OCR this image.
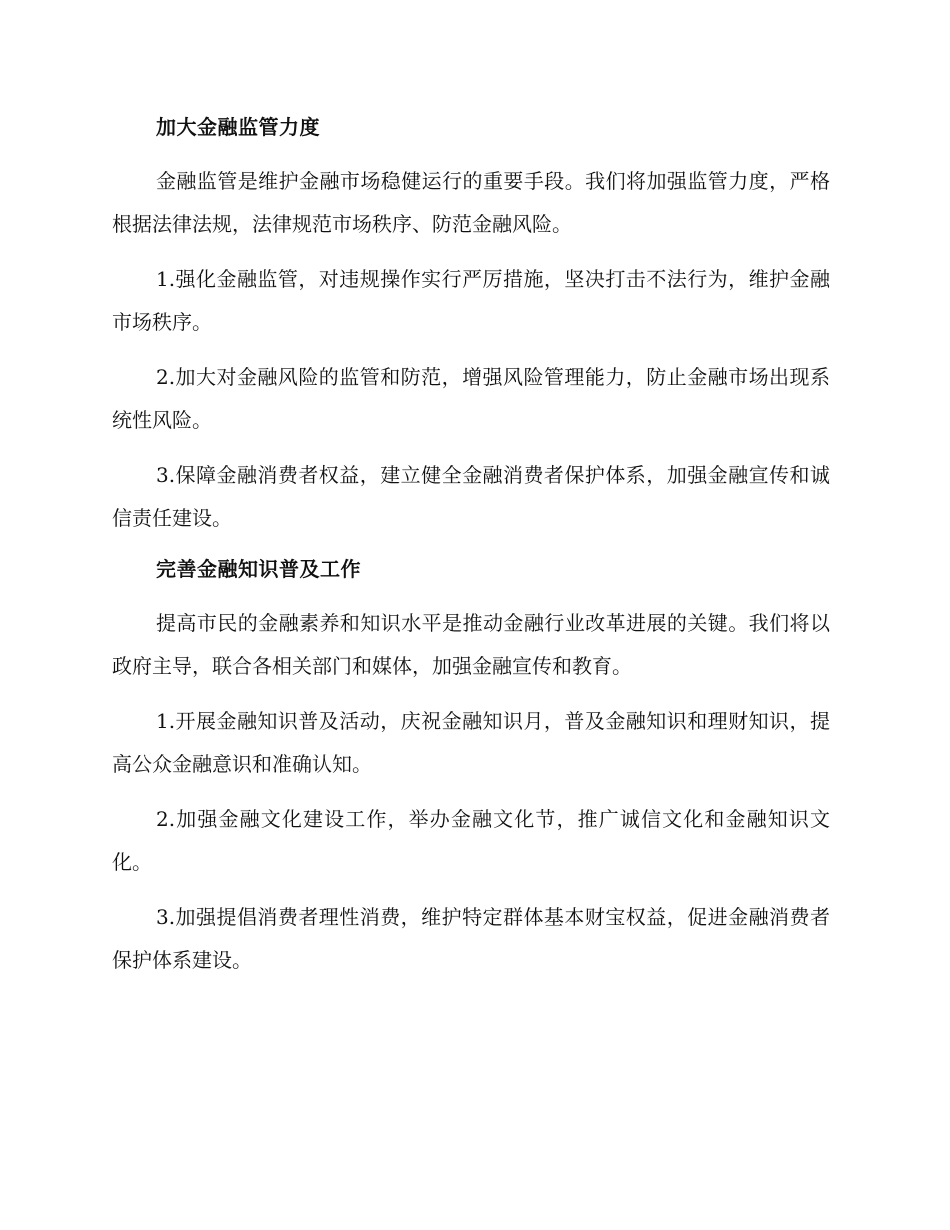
加大金融监管力度

金融监管是维护金融市场稳健运行的重要手段。我们将加强监管力度，严格根据法律法规，法律规范市场秩序、防范金融风险。

1.强化金融监管，对违规操作实行严厉措施，坚决打击不法行为，维护金融市场秩序。

2.加大对金融风险的监管和防范，增强风险管理能力，防止金融市场出现系统性风险。

3.保障金融消费者权益，建立健全金融消费者保护体系，加强金融宣传和诚信责任建设。

完善金融知识普及工作

提高市民的金融素养和知识水平是推动金融行业改革进展的关键。我们将以政府主导，联合各相关部门和媒体，加强金融宣传和教育。

1.开展金融知识普及活动，庆祝金融知识月，普及金融知识和理财知识，提高公众金融意识和准确认知。

2.加强金融文化建设工作，举办金融文化节，推广诚信文化和金融知识文化。

3.加强提倡消费者理性消费，维护特定群体基本财宝权益，促进金融消费者保护体系建设。
